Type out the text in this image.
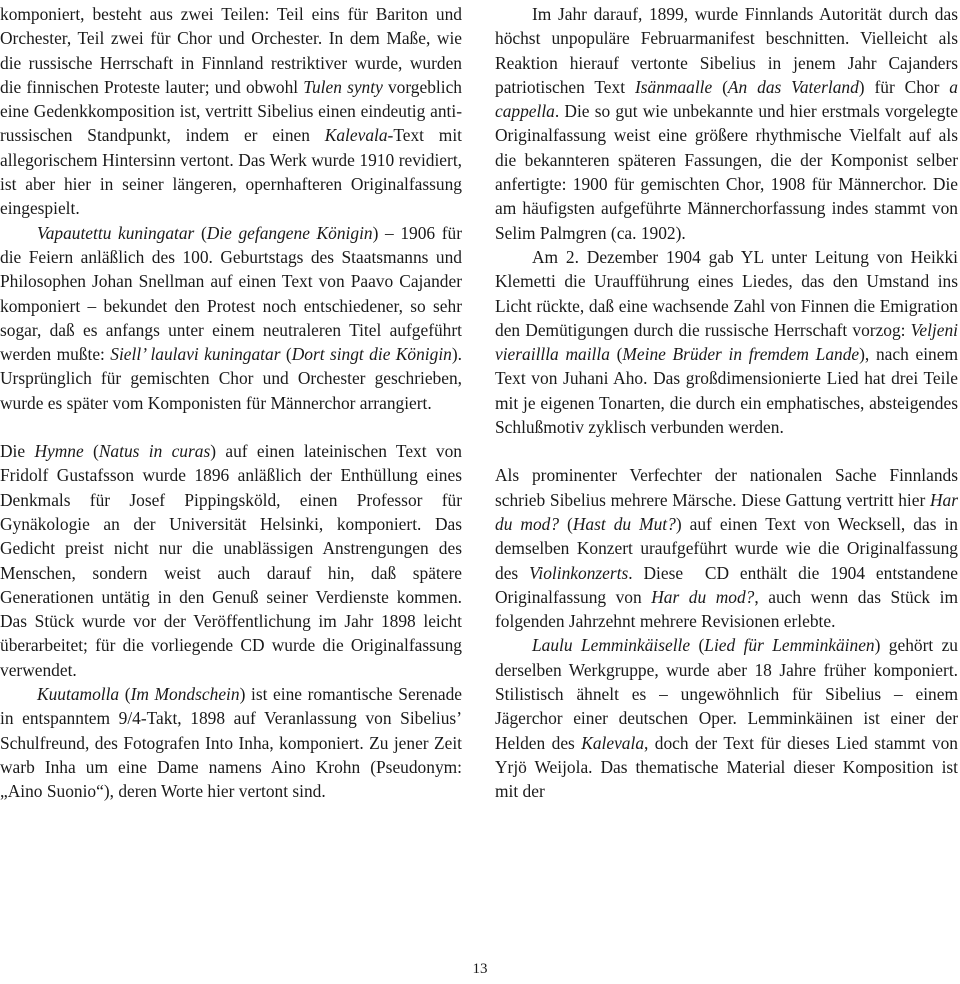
komponiert, besteht aus zwei Teilen: Teil eins für Bariton und Orchester, Teil zwei für Chor und Orchester. In dem Maße, wie die russische Herrschaft in Finnland restriktiver wurde, wurden die finnischen Proteste lauter; und obwohl Tulen synty vorgeblich eine Gedenkkomposition ist, vertritt Sibelius einen eindeutig anti-russischen Standpunkt, indem er einen Kalevala-Text mit allegorischem Hintersinn vertont. Das Werk wurde 1910 revidiert, ist aber hier in seiner längeren, opernhafteren Originalfassung eingespielt.

Vapautettu kuningatar (Die gefangene Königin) – 1906 für die Feiern anläßlich des 100. Geburtstags des Staatsmanns und Philosophen Johan Snellman auf einen Text von Paavo Cajander komponiert – bekundet den Protest noch entschiedener, so sehr sogar, daß es anfangs unter einem neutraleren Titel aufgeführt werden mußte: Siell’ laulavi kuningatar (Dort singt die Königin). Ursprünglich für gemischten Chor und Orchester geschrieben, wurde es später vom Komponisten für Männerchor arrangiert.

Die Hymne (Natus in curas) auf einen lateinischen Text von Fridolf Gustafsson wurde 1896 anläßlich der Enthüllung eines Denkmals für Josef Pippingsköld, einen Professor für Gynäkologie an der Universität Helsinki, komponiert. Das Gedicht preist nicht nur die unablässigen Anstrengungen des Menschen, sondern weist auch darauf hin, daß spätere Generationen untätig in den Genuß seiner Verdienste kommen. Das Stück wurde vor der Veröffentlichung im Jahr 1898 leicht überarbeitet; für die vorliegende CD wurde die Originalfassung verwendet.

Kuutamolla (Im Mondschein) ist eine romantische Serenade in entspanntem 9/4-Takt, 1898 auf Veranlassung von Sibelius’ Schulfreund, des Fotografen Into Inha, komponiert. Zu jener Zeit warb Inha um eine Dame namens Aino Krohn (Pseudonym: „Aino Suonio“), deren Worte hier vertont sind.

Im Jahr darauf, 1899, wurde Finnlands Autorität durch das höchst unpopuläre Februarmanifest beschnitten. Vielleicht als Reaktion hierauf vertonte Sibelius in jenem Jahr Cajanders patriotischen Text Isänmaalle (An das Vaterland) für Chor a cappella. Die so gut wie unbekannte und hier erstmals vorgelegte Originalfassung weist eine größere rhythmische Vielfalt auf als die bekannteren späteren Fassungen, die der Komponist selber anfertigte: 1900 für gemischten Chor, 1908 für Männerchor. Die am häufigsten aufgeführte Männerchorfassung indes stammt von Selim Palmgren (ca. 1902).

Am 2. Dezember 1904 gab YL unter Leitung von Heikki Klemetti die Uraufführung eines Liedes, das den Umstand ins Licht rückte, daß eine wachsende Zahl von Finnen die Emigration den Demütigungen durch die russische Herrschaft vorzog: Veljeni vieraillla mailla (Meine Brüder in fremdem Lande), nach einem Text von Juhani Aho. Das großdimensionierte Lied hat drei Teile mit je eigenen Tonarten, die durch ein emphatisches, absteigendes Schlußmotiv zyklisch verbunden werden.

Als prominenter Verfechter der nationalen Sache Finnlands schrieb Sibelius mehrere Märsche. Diese Gattung vertritt hier Har du mod? (Hast du Mut?) auf einen Text von Wecksell, das in demselben Konzert uraufgeführt wurde wie die Originalfassung des Violinkonzerts. Diese  CD enthält die 1904 entstandene Originalfassung von Har du mod?, auch wenn das Stück im folgenden Jahrzehnt mehrere Revisionen erlebte.

Laulu Lemminkäiselle (Lied für Lemminkäinen) gehört zu derselben Werkgruppe, wurde aber 18 Jahre früher komponiert. Stilistisch ähnelt es – ungewöhnlich für Sibelius – einem Jägerchor einer deutschen Oper. Lemminkäinen ist einer der Helden des Kalevala, doch der Text für dieses Lied stammt von Yrjö Weijola. Das thematische Material dieser Komposition ist mit der

13
